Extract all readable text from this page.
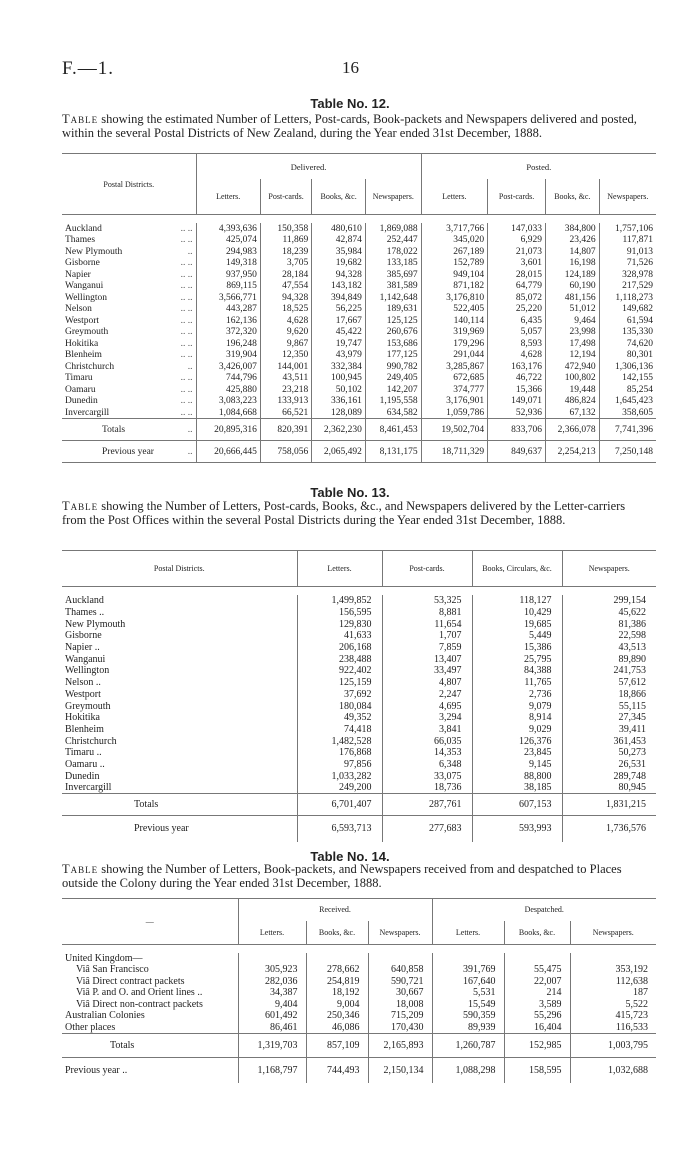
F.—1.	16
Table No. 12.
Table showing the estimated Number of Letters, Post-cards, Book-packets and Newspapers delivered and posted, within the several Postal Districts of New Zealand, during the Year ended 31st December, 1888.
Postal Districts.	Delivered.				Posted.			
	Letters.	Post-cards.	Books, &c.	Newspapers.	Letters.	Post-cards.	Books, &c.	Newspapers.

Auckland .. ..	4,393,636	150,358	480,610	1,869,088	3,717,766	147,033	384,800	1,757,106
Thames .. ..	425,074	11,869	42,874	252,447	345,020	6,929	23,426	117,871
New Plymouth ..	294,983	18,239	35,984	178,022	267,189	21,073	14,807	91,013
Gisborne .. ..	149,318	3,705	19,682	133,185	152,789	3,601	16,198	71,526
Napier .. ..	937,950	28,184	94,328	385,697	949,104	28,015	124,189	328,978
Wanganui .. ..	869,115	47,554	143,182	381,589	871,182	64,779	60,190	217,529
Wellington .. ..	3,566,771	94,328	394,849	1,142,648	3,176,810	85,072	481,156	1,118,273
Nelson .. ..	443,287	18,525	56,225	189,631	522,405	25,220	51,012	149,682
Westport .. ..	162,136	4,628	17,667	125,125	140,114	6,435	9,464	61,594
Greymouth .. ..	372,320	9,620	45,422	260,676	319,969	5,057	23,998	135,330
Hokitika .. ..	196,248	9,867	19,747	153,686	179,296	8,593	17,498	74,620
Blenheim .. ..	319,904	12,350	43,979	177,125	291,044	4,628	12,194	80,301
Christchurch ..	3,426,007	144,001	332,384	990,782	3,285,867	163,176	472,940	1,306,136
Timaru .. ..	744,796	43,511	100,945	249,405	672,685	46,722	100,802	142,155
Oamaru .. ..	425,880	23,218	50,102	142,207	374,777	15,366	19,448	85,254
Dunedin .. ..	3,083,223	133,913	336,161	1,195,558	3,176,901	149,071	486,824	1,645,423
Invercargill .. ..	1,084,668	66,521	128,089	634,582	1,059,786	52,936	67,132	358,605
Totals ..	20,895,316	820,391	2,362,230	8,461,453	19,502,704	833,706	2,366,078	7,741,396
Previous year ..	20,666,445	758,056	2,065,492	8,131,175	18,711,329	849,637	2,254,213	7,250,148
Table No. 13.
Table showing the Number of Letters, Post-cards, Books, &c., and Newspapers delivered by the Letter-carriers from the Post Offices within the several Postal Districts during the Year ended 31st December, 1888.
Postal Districts.	Letters.	Post-cards.	Books, Circulars, &c.	Newspapers.

Auckland	1,499,852	53,325	118,127	299,154
Thames ..	156,595	8,881	10,429	45,622
New Plymouth	129,830	11,654	19,685	81,386
Gisborne	41,633	1,707	5,449	22,598
Napier ..	206,168	7,859	15,386	43,513
Wanganui	238,488	13,407	25,795	89,890
Wellington	922,402	33,497	84,388	241,753
Nelson ..	125,159	4,807	11,765	57,612
Westport	37,692	2,247	2,736	18,866
Greymouth	180,084	4,695	9,079	55,115
Hokitika	49,352	3,294	8,914	27,345
Blenheim	74,418	3,841	9,029	39,411
Christchurch	1,482,528	66,035	126,376	361,453
Timaru ..	176,868	14,353	23,845	50,273
Oamaru ..	97,856	6,348	9,145	26,531
Dunedin	1,033,282	33,075	88,800	289,748
Invercargill	249,200	18,736	38,185	80,945
Totals	6,701,407	287,761	607,153	1,831,215
Previous year	6,593,713	277,683	593,993	1,736,576
Table No. 14.
Table showing the Number of Letters, Book-packets, and Newspapers received from and despatched to Places outside the Colony during the Year ended 31st December, 1888.
—	Received.			Despatched.		
	Letters.	Books, &c.	Newspapers.	Letters.	Books, &c.	Newspapers.

United Kingdom—						
Viâ San Francisco	305,923	278,662	640,858	391,769	55,475	353,192
Viâ Direct contract packets	282,036	254,819	590,721	167,640	22,007	112,638
Viâ P. and O. and Orient lines ..	34,387	18,192	30,667	5,531	214	187
Viâ Direct non-contract packets	9,404	9,004	18,008	15,549	3,589	5,522
Australian Colonies	601,492	250,346	715,209	590,359	55,296	415,723
Other places	86,461	46,086	170,430	89,939	16,404	116,533
Totals	1,319,703	857,109	2,165,893	1,260,787	152,985	1,003,795
Previous year ..	1,168,797	744,493	2,150,134	1,088,298	158,595	1,032,688
